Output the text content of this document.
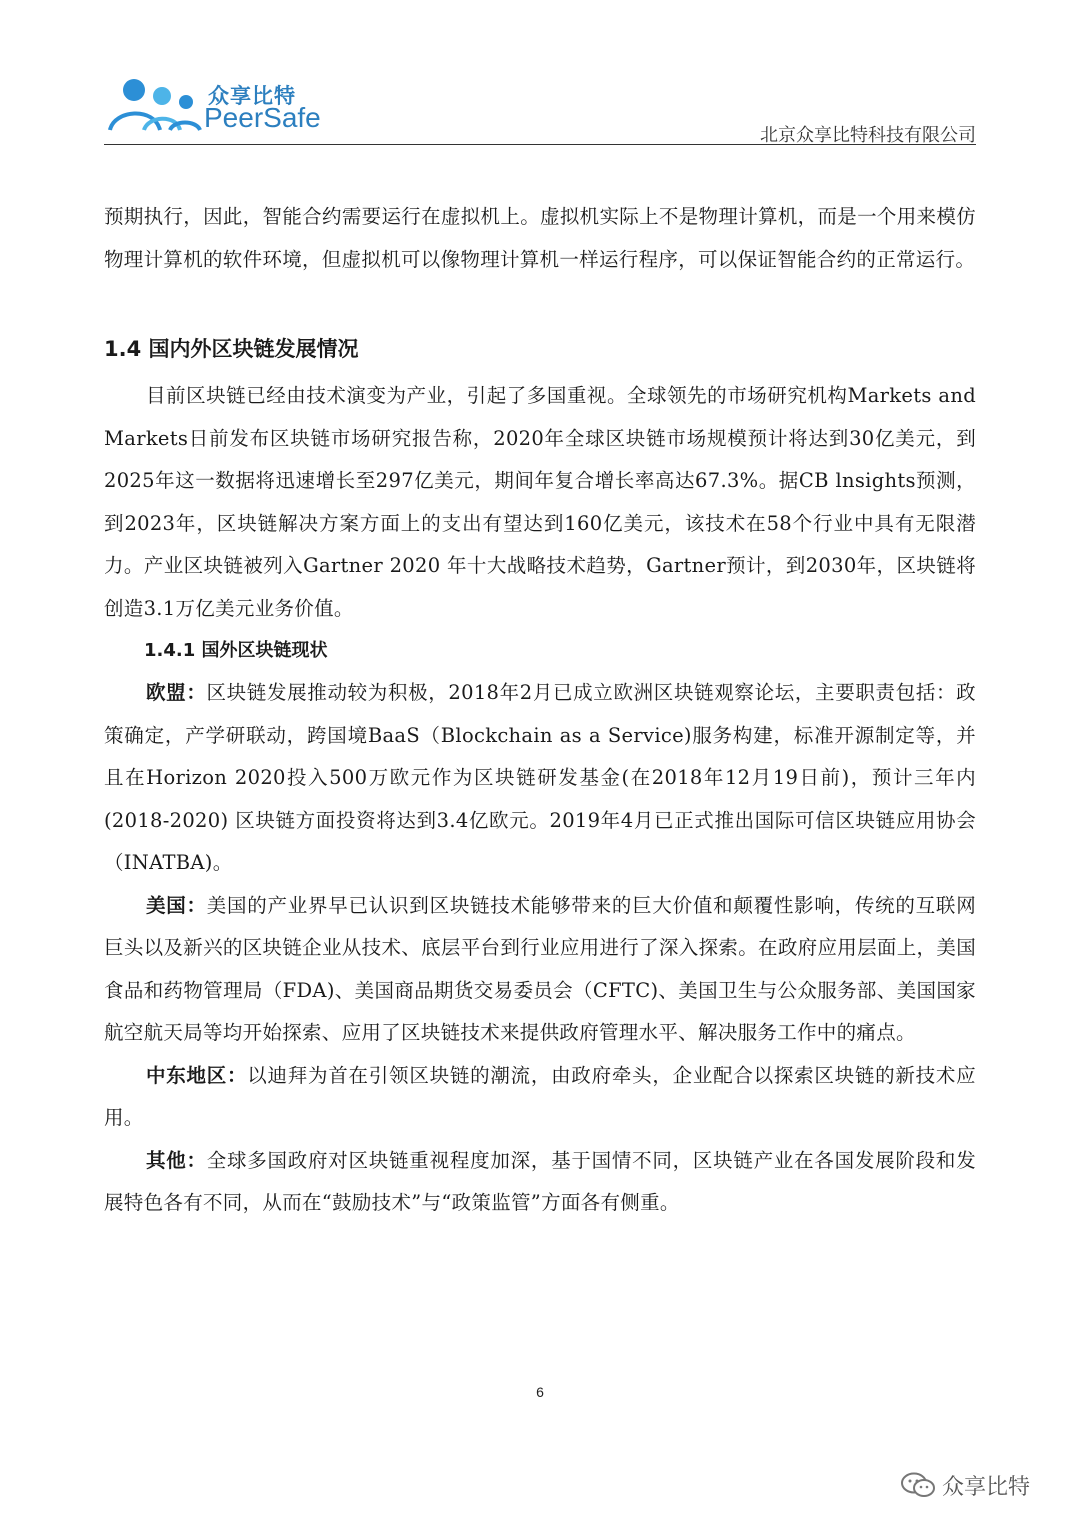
众享比特
PeerSafe
北京众享比特科技有限公司

预期执行，因此，智能合约需要运行在虚拟机上。虚拟机实际上不是物理计算机，而是一个用来模仿物理计算机的软件环境，但虚拟机可以像物理计算机一样运行程序，可以保证智能合约的正常运行。

1.4 国内外区块链发展情况

目前区块链已经由技术演变为产业，引起了多国重视。全球领先的市场研究机构Markets and Markets日前发布区块链市场研究报告称，2020年全球区块链市场规模预计将达到30亿美元，到2025年这一数据将迅速增长至297亿美元，期间年复合增长率高达67.3%。据CB lnsights预测，到2023年，区块链解决方案方面上的支出有望达到160亿美元，该技术在58个行业中具有无限潜力。产业区块链被列入Gartner 2020 年十大战略技术趋势，Gartner预计，到2030年，区块链将创造3.1万亿美元业务价值。

1.4.1 国外区块链现状

欧盟：区块链发展推动较为积极，2018年2月已成立欧洲区块链观察论坛，主要职责包括：政策确定，产学研联动，跨国境BaaS（Blockchain as a Service)服务构建，标准开源制定等，并且在Horizon 2020投入500万欧元作为区块链研发基金(在2018年12月19日前)，预计三年内(2018-2020) 区块链方面投资将达到3.4亿欧元。2019年4月已正式推出国际可信区块链应用协会（INATBA)。

美国：美国的产业界早已认识到区块链技术能够带来的巨大价值和颠覆性影响，传统的互联网巨头以及新兴的区块链企业从技术、底层平台到行业应用进行了深入探索。在政府应用层面上，美国食品和药物管理局（FDA)、美国商品期货交易委员会（CFTC)、美国卫生与公众服务部、美国国家航空航天局等均开始探索、应用了区块链技术来提供政府管理水平、解决服务工作中的痛点。

中东地区：以迪拜为首在引领区块链的潮流，由政府牵头，企业配合以探索区块链的新技术应用。

其他：全球多国政府对区块链重视程度加深，基于国情不同，区块链产业在各国发展阶段和发展特色各有不同，从而在“鼓励技术”与“政策监管”方面各有侧重。

6
众享比特
